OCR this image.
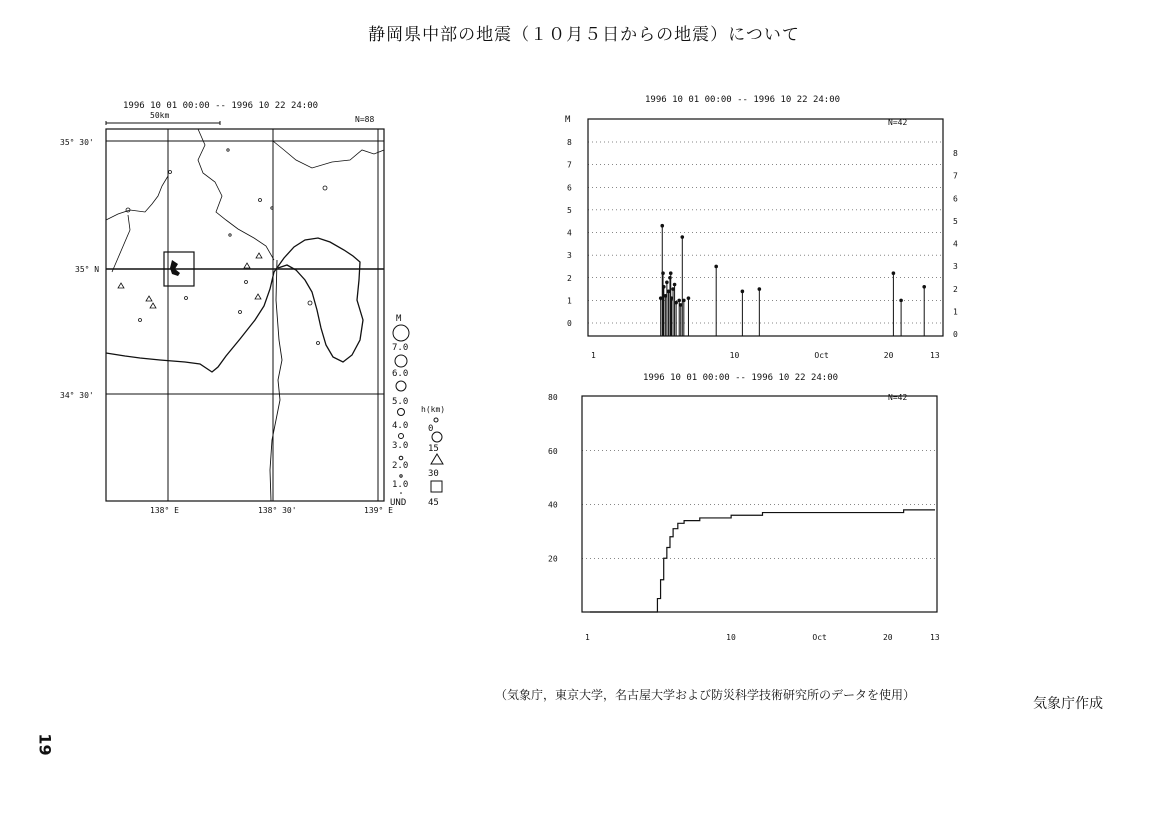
静岡県中部の地震（１０月５日からの地震）について
1996 10 01 00:00 -- 1996 10 22 24:00
50km	N=88
35° 30'
35° N
34° 30'
138° E	138° 30'	139° E
M
7.0
6.0
5.0
4.0
3.0
2.0
1.0
UND
h(km)
0
15
30
45
1996 10 01 00:00 -- 1996 10 22 24:00
M	N=42
8
7
6
5
4
3
2
1
0
8
7
6
5
4
3
2
1
0
1	10	Oct	20	13
1996 10 01 00:00 -- 1996 10 22 24:00
N=42
80
60
40
20
1	10	Oct	20	13
（気象庁，東京大学，名古屋大学および防災科学技術研究所のデータを使用）
気象庁作成
19
